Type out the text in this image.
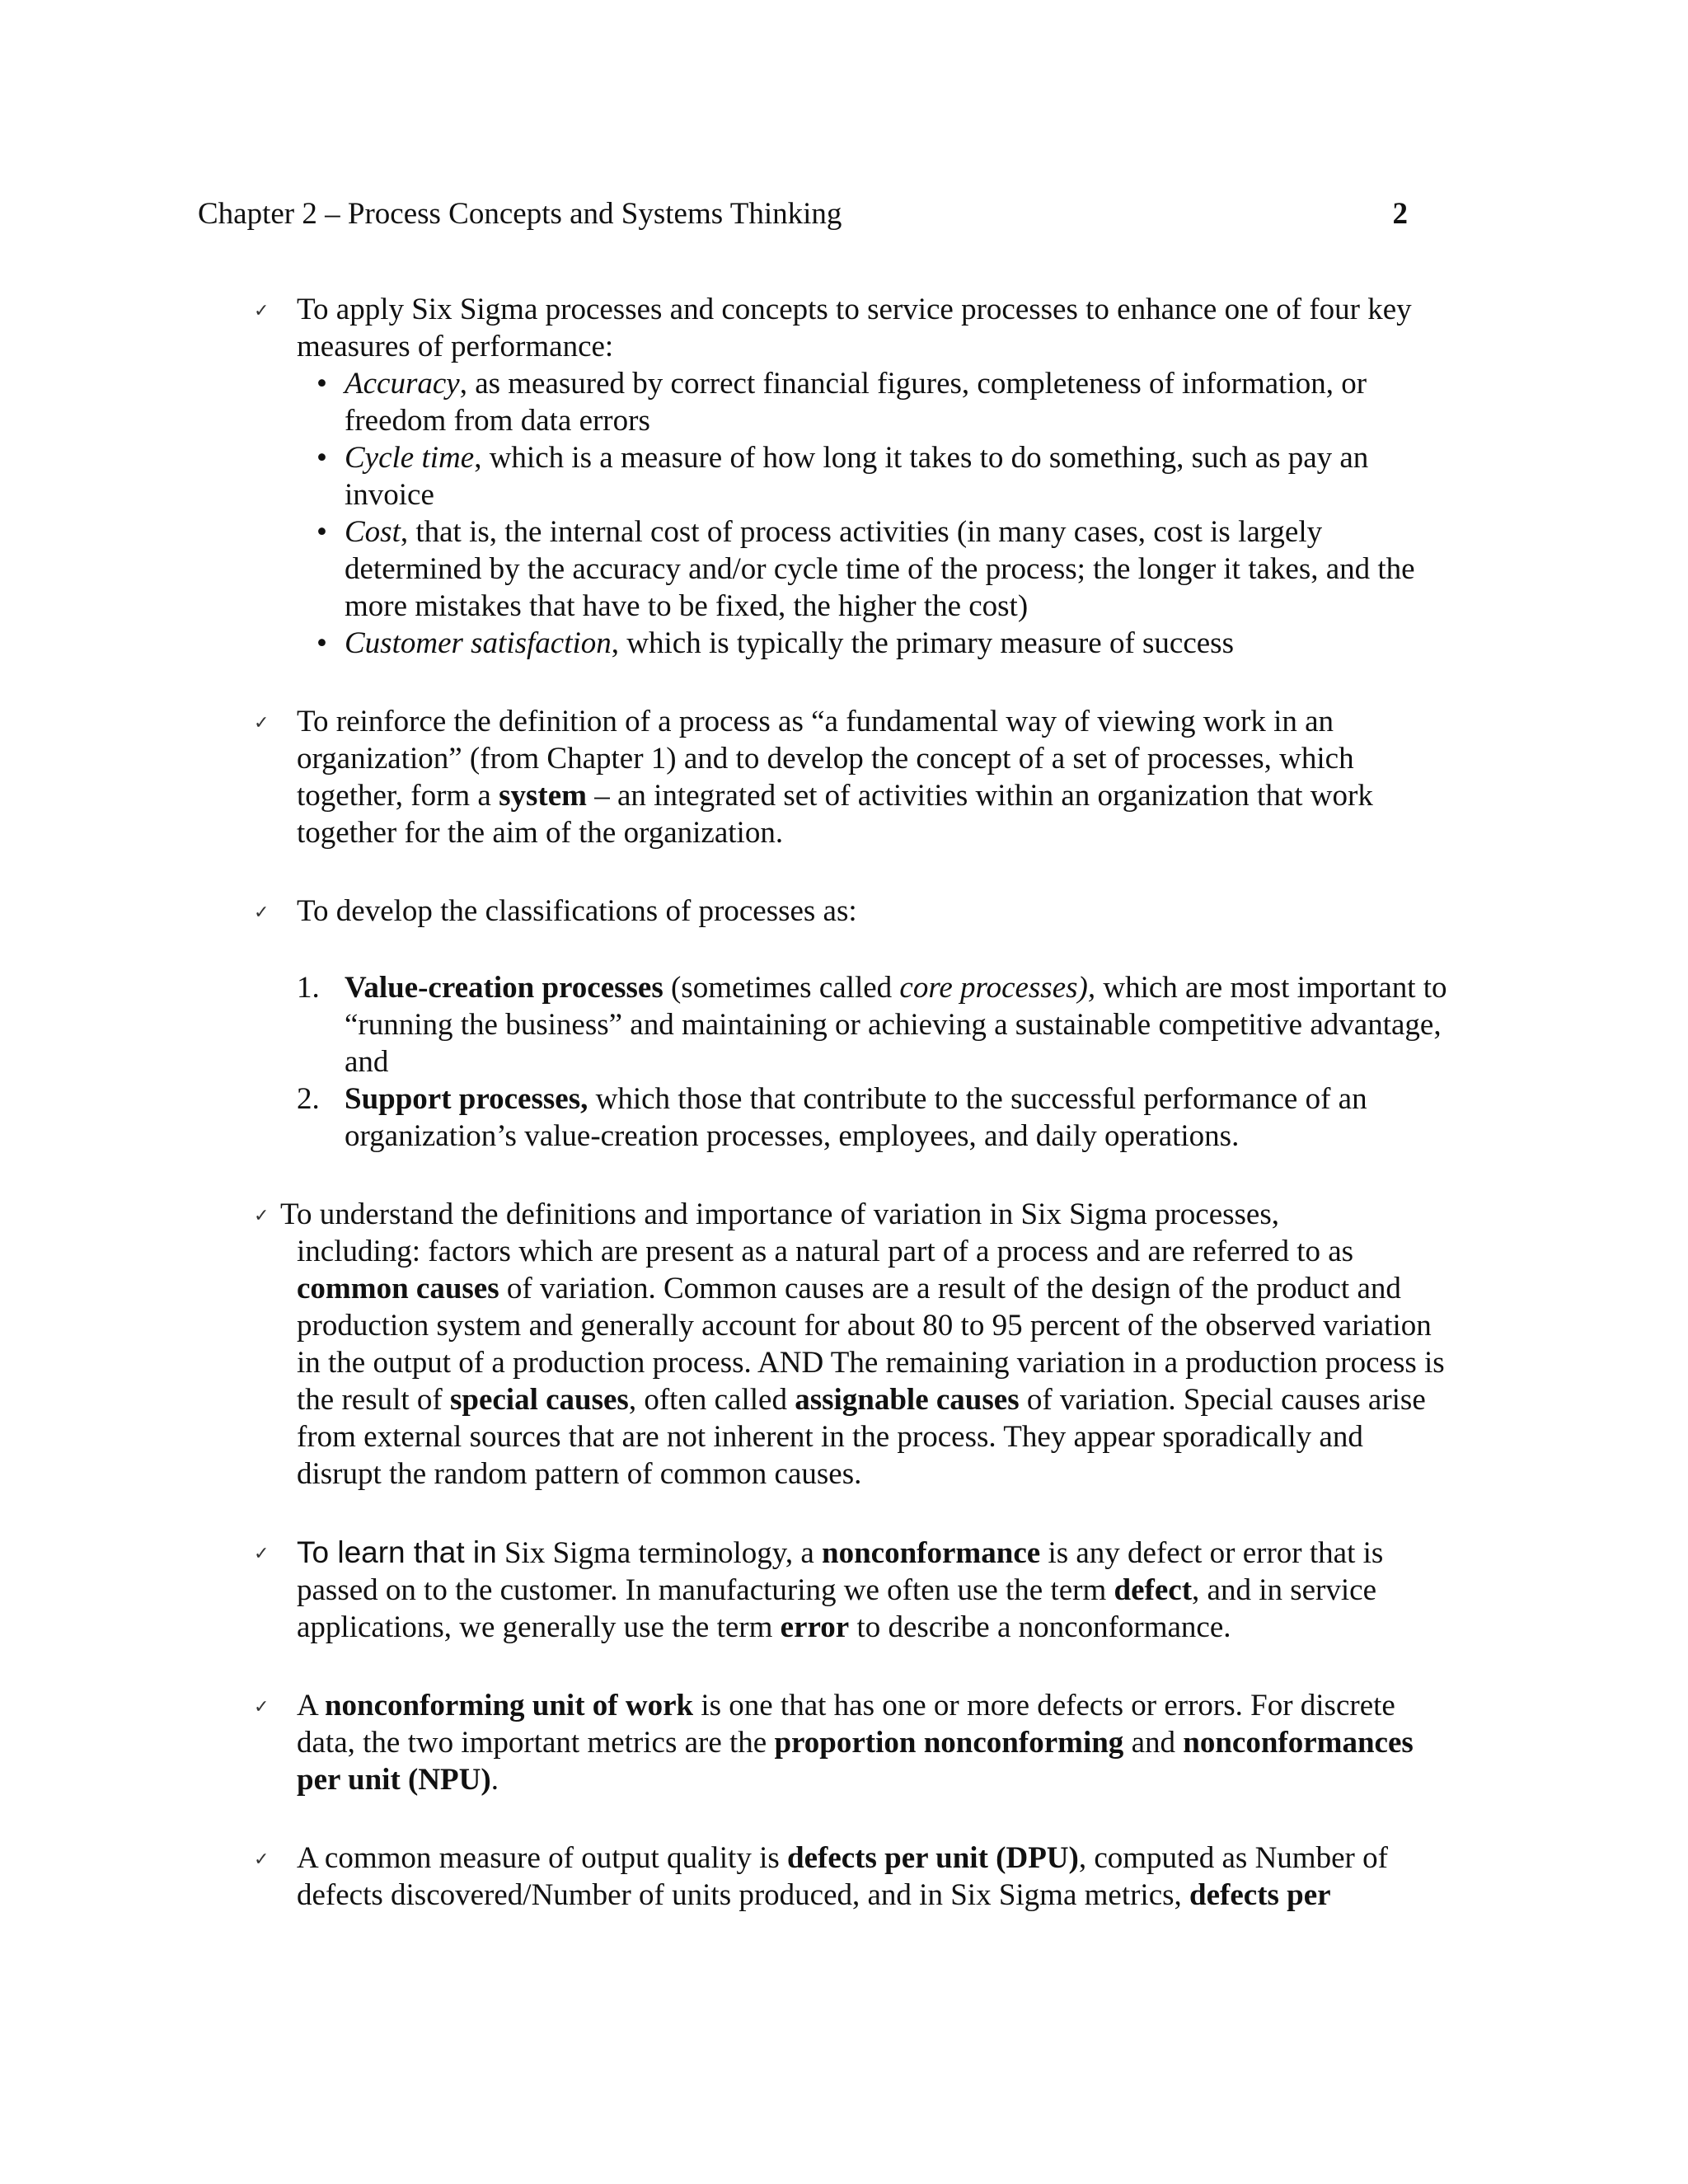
Chapter 2 – Process Concepts and Systems Thinking	2
✓ To apply Six Sigma processes and concepts to service processes to enhance one of four key measures of performance:
• Accuracy, as measured by correct financial figures, completeness of information, or freedom from data errors
• Cycle time, which is a measure of how long it takes to do something, such as pay an invoice
• Cost, that is, the internal cost of process activities (in many cases, cost is largely determined by the accuracy and/or cycle time of the process; the longer it takes, and the more mistakes that have to be fixed, the higher the cost)
• Customer satisfaction, which is typically the primary measure of success
✓ To reinforce the definition of a process as “a fundamental way of viewing work in an organization” (from Chapter 1) and to develop the concept of a set of processes, which together, form a system – an integrated set of activities within an organization that work together for the aim of the organization.
✓ To develop the classifications of processes as:
1. Value-creation processes (sometimes called core processes), which are most important to “running the business” and maintaining or achieving a sustainable competitive advantage, and
2. Support processes, which those that contribute to the successful performance of an organization’s value-creation processes, employees, and daily operations.
✓ To understand the definitions and importance of variation in Six Sigma processes,
including: factors which are present as a natural part of a process and are referred to as common causes of variation. Common causes are a result of the design of the product and production system and generally account for about 80 to 95 percent of the observed variation in the output of a production process. AND The remaining variation in a production process is the result of special causes, often called assignable causes of variation. Special causes arise from external sources that are not inherent in the process. They appear sporadically and disrupt the random pattern of common causes.
✓ To learn that in Six Sigma terminology, a nonconformance is any defect or error that is passed on to the customer. In manufacturing we often use the term defect, and in service applications, we generally use the term error to describe a nonconformance.
✓ A nonconforming unit of work is one that has one or more defects or errors. For discrete data, the two important metrics are the proportion nonconforming and nonconformances per unit (NPU).
✓ A common measure of output quality is defects per unit (DPU), computed as Number of defects discovered/Number of units produced, and in Six Sigma metrics, defects per
